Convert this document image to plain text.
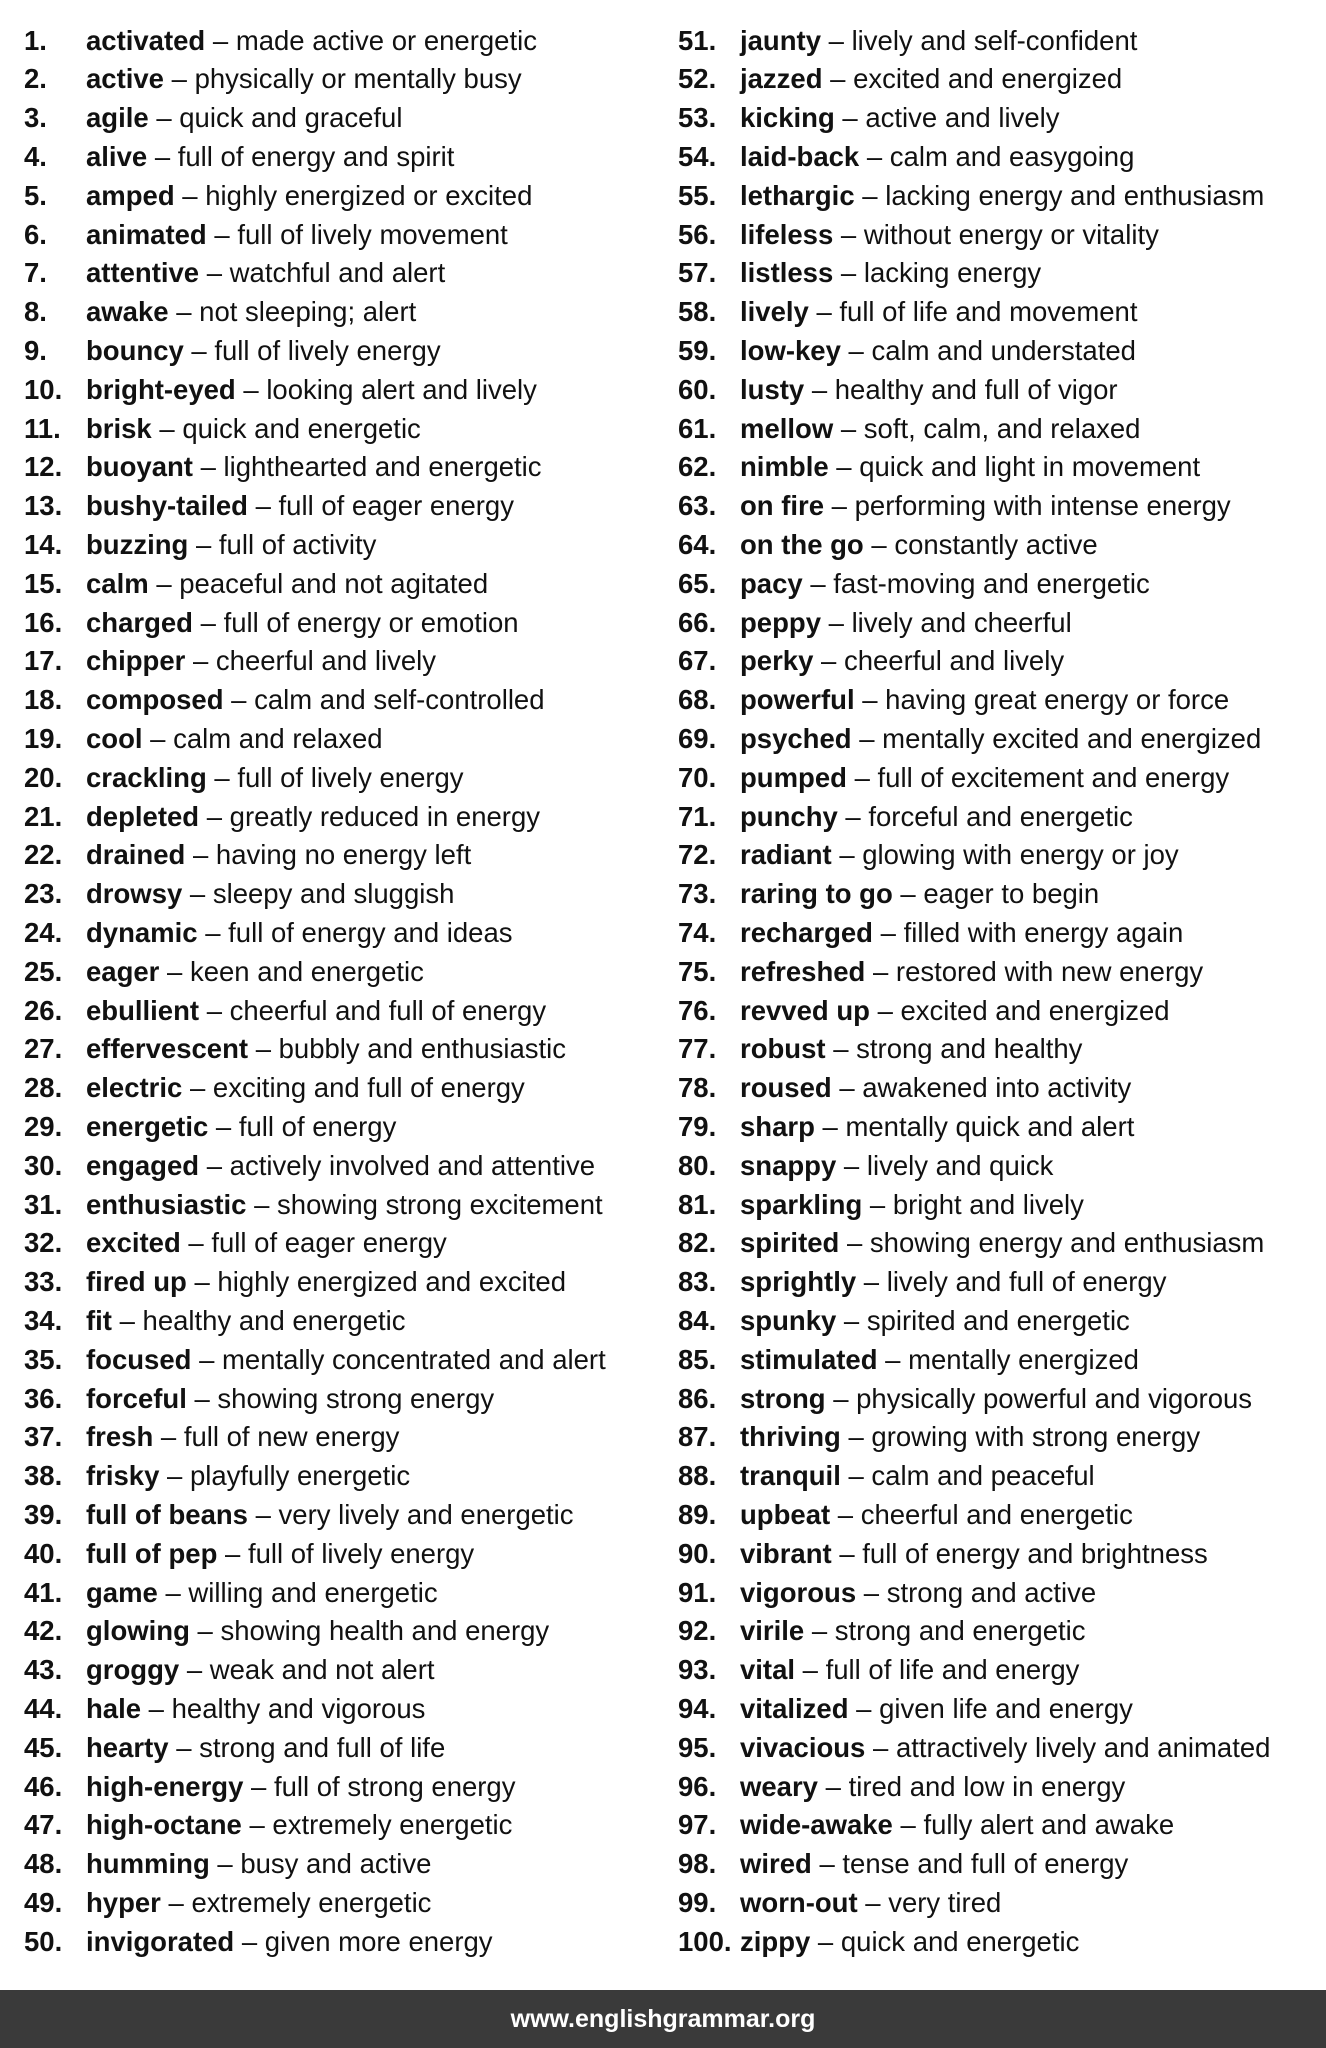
1.	activated
–
made active or energetic
2.	active
–
physically or mentally busy
3.	agile
–
quick and graceful
4.	alive
–
full of energy and spirit
5.	amped
–
highly energized or excited
6.	animated
–
full of lively movement
7.	attentive
–
watchful and alert
8.	awake
–
not sleeping; alert
9.	bouncy
–
full of lively energy
10. bright-eyed
–
looking alert and lively
11. brisk
–
quick and energetic
12. buoyant
–
lighthearted and energetic
13. bushy-tailed
–
full of eager energy
14. buzzing
–
full of activity
15. calm
–
peaceful and not agitated
16. charged
–
full of energy or emotion
17. chipper
–
cheerful and lively
18. composed
–
calm and self-controlled
19. cool
–
calm and relaxed
20. crackling
–
full of lively energy
21. depleted
–
greatly reduced in energy
22. drained
–
having no energy left
23. drowsy
–
sleepy and sluggish
24. dynamic
–
full of energy and ideas
25. eager
–
keen and energetic
26. ebullient
–
cheerful and full of energy
27. effervescent
–
bubbly and enthusiastic
28. electric
–
exciting and full of energy
29. energetic
–
full of energy
30. engaged
–
actively involved and attentive
31. enthusiastic
–
showing strong excitement
32. excited
–
full of eager energy
33. fired up
–
highly energized and excited
34. fit
–
healthy and energetic
35. focused
–
mentally concentrated and alert
36. forceful
–
showing strong energy
37. fresh
–
full of new energy
38. frisky
–
playfully energetic
39. full of beans
–
very lively and energetic
40. full of pep
–
full of lively energy
41. game
–
willing and energetic
42. glowing
–
showing health and energy
43. groggy
–
weak and not alert
44. hale
–
healthy and vigorous
45. hearty
–
strong and full of life
46. high-energy
–
full of strong energy
47. high-octane
–
extremely energetic
48. humming
–
busy and active
49. hyper
–
extremely energetic
50. invigorated
–
given more energy
51. jaunty
–
lively and self-confident
52. jazzed
–
excited and energized
53. kicking
–
active and lively
54. laid-back
–
calm and easygoing
55. lethargic
–
lacking energy and enthusiasm
56. lifeless
–
without energy or vitality
57. listless
–
lacking energy
58. lively
–
full of life and movement
59. low-key
–
calm and understated
60. lusty
–
healthy and full of vigor
61. mellow
–
soft, calm, and relaxed
62. nimble
–
quick and light in movement
63. on fire
–
performing with intense energy
64. on the go
–
constantly active
65. pacy
–
fast-moving and energetic
66. peppy
–
lively and cheerful
67. perky
–
cheerful and lively
68. powerful
–
having great energy or force
69. psyched
–
mentally excited and energized
70. pumped
–
full of excitement and energy
71. punchy
–
forceful and energetic
72. radiant
–
glowing with energy or joy
73. raring to go
–
eager to begin
74. recharged
–
filled with energy again
75. refreshed
–
restored with new energy
76. revved up
–
excited and energized
77. robust
–
strong and healthy
78. roused
–
awakened into activity
79. sharp
–
mentally quick and alert
80. snappy
–
lively and quick
81. sparkling
–
bright and lively
82. spirited
–
showing energy and enthusiasm
83. sprightly
–
lively and full of energy
84. spunky
–
spirited and energetic
85. stimulated
–
mentally energized
86. strong
–
physically powerful and vigorous
87. thriving
–
growing with strong energy
88. tranquil
–
calm and peaceful
89. upbeat
–
cheerful and energetic
90. vibrant
–
full of energy and brightness
91. vigorous
–
strong and active
92. virile
–
strong and energetic
93. vital
–
full of life and energy
94. vitalized
–
given life and energy
95. vivacious
–
attractively lively and animated
96. weary
–
tired and low in energy
97. wide-awake
–
fully alert and awake
98. wired
–
tense and full of energy
99. worn-out
–
very tired
100. zippy
–
quick and energetic
www.englishgrammar.org
